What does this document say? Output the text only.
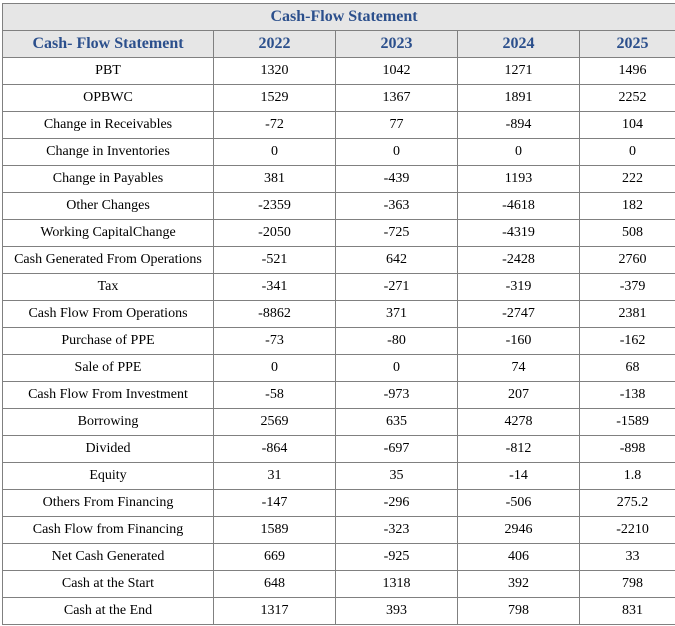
Cash-Flow Statement				
Cash- Flow Statement	2022	2023	2024	2025
PBT	1320	1042	1271	1496
OPBWC	1529	1367	1891	2252
Change in Receivables	-72	77	-894	104
Change in Inventories	0	0	0	0
Change in Payables	381	-439	1193	222
Other Changes	-2359	-363	-4618	182
Working CapitalChange	-2050	-725	-4319	508
Cash Generated From Operations	-521	642	-2428	2760
Tax	-341	-271	-319	-379
Cash Flow From Operations	-8862	371	-2747	2381
Purchase of PPE	-73	-80	-160	-162
Sale of PPE	0	0	74	68
Cash Flow From Investment	-58	-973	207	-138
Borrowing	2569	635	4278	-1589
Divided	-864	-697	-812	-898
Equity	31	35	-14	1.8
Others From Financing	-147	-296	-506	275.2
Cash Flow from Financing	1589	-323	2946	-2210
Net Cash Generated	669	-925	406	33
Cash at the Start	648	1318	392	798
Cash at the End	1317	393	798	831
